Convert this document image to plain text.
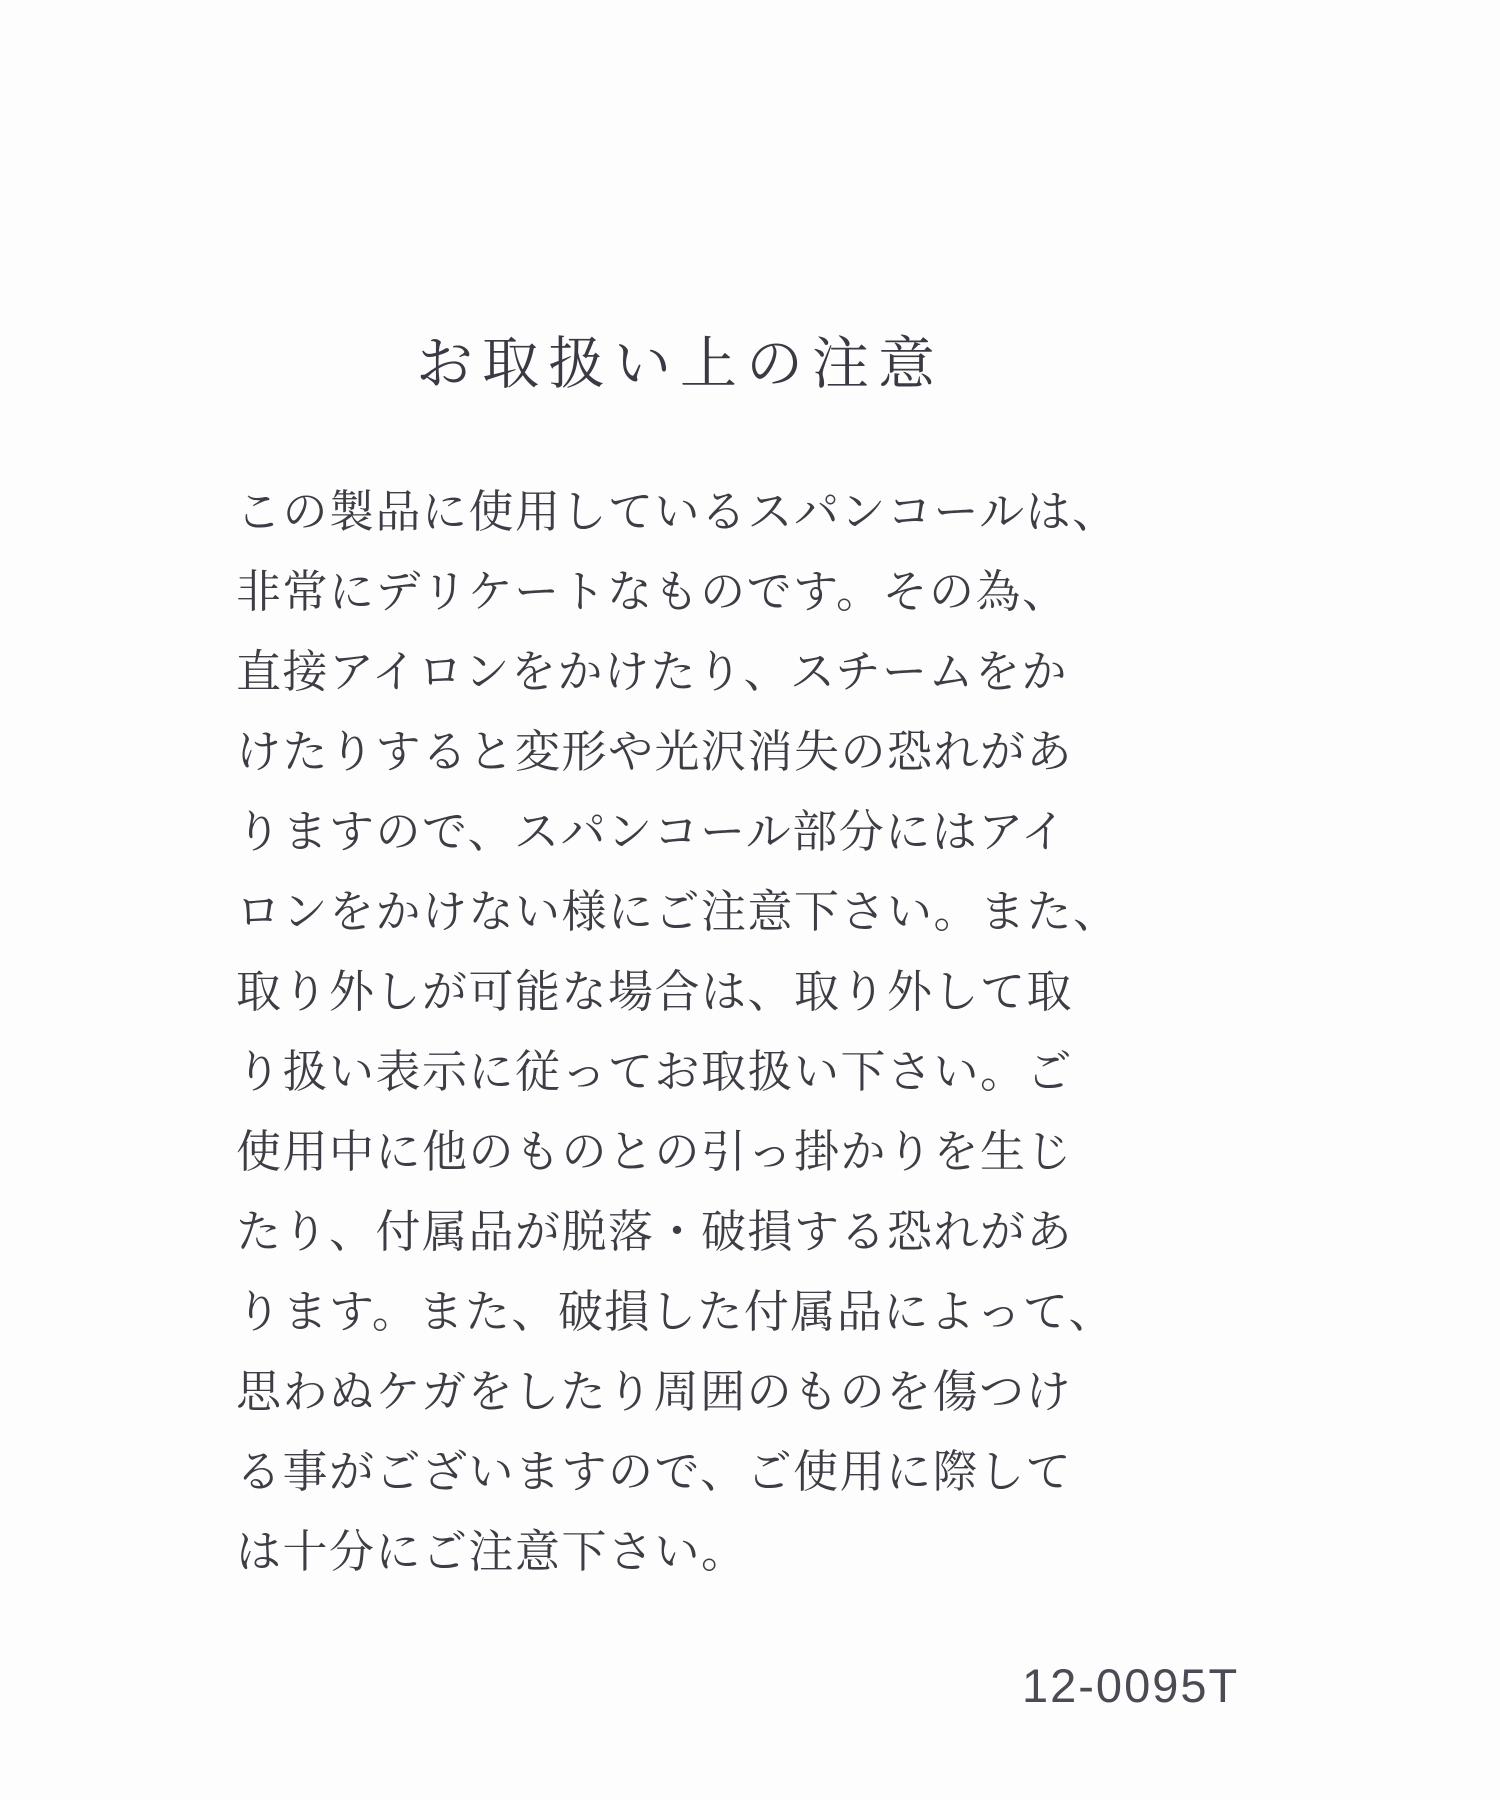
お取扱い上の注意
この製品に使用しているスパンコールは、
非常にデリケートなものです。その為、
直接アイロンをかけたり、スチームをか
けたりすると変形や光沢消失の恐れがあ
りますので、スパンコール部分にはアイ
ロンをかけない様にご注意下さい。また、
取り外しが可能な場合は、取り外して取
り扱い表示に従ってお取扱い下さい。ご
使用中に他のものとの引っ掛かりを生じ
たり、付属品が脱落・破損する恐れがあ
ります。また、破損した付属品によって、
思わぬケガをしたり周囲のものを傷つけ
る事がございますので、ご使用に際して
は十分にご注意下さい。
12-0095T
